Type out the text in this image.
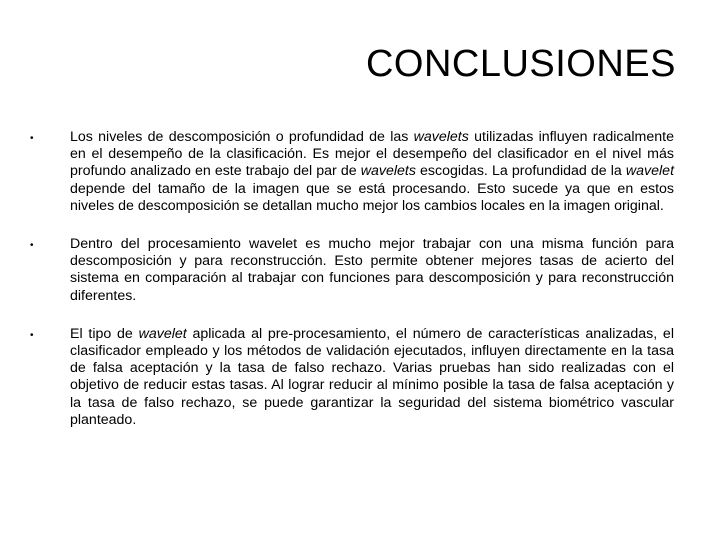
CONCLUSIONES
•	Los niveles de descomposición o profundidad de las wavelets utilizadas influyen radicalmente en el desempeño de la clasificación. Es mejor el desempeño del clasificador en el nivel más profundo analizado en este trabajo del par de wavelets escogidas. La profundidad de la wavelet depende del tamaño de la imagen que se está procesando. Esto sucede ya que en estos niveles de descomposición se detallan mucho mejor los cambios locales en la imagen original.

•	Dentro del procesamiento wavelet es mucho mejor trabajar con una misma función para descomposición y para reconstrucción. Esto permite obtener mejores tasas de acierto del sistema en comparación al trabajar con funciones para descomposición y para reconstrucción diferentes.

•	El tipo de wavelet aplicada al pre-procesamiento, el número de características analizadas, el clasificador empleado y los métodos de validación ejecutados, influyen directamente en la tasa de falsa aceptación y la tasa de falso rechazo. Varias pruebas han sido realizadas con el objetivo de reducir estas tasas. Al lograr reducir al mínimo posible la tasa de falsa aceptación y la tasa de falso rechazo, se puede garantizar la seguridad del sistema biométrico vascular planteado.
